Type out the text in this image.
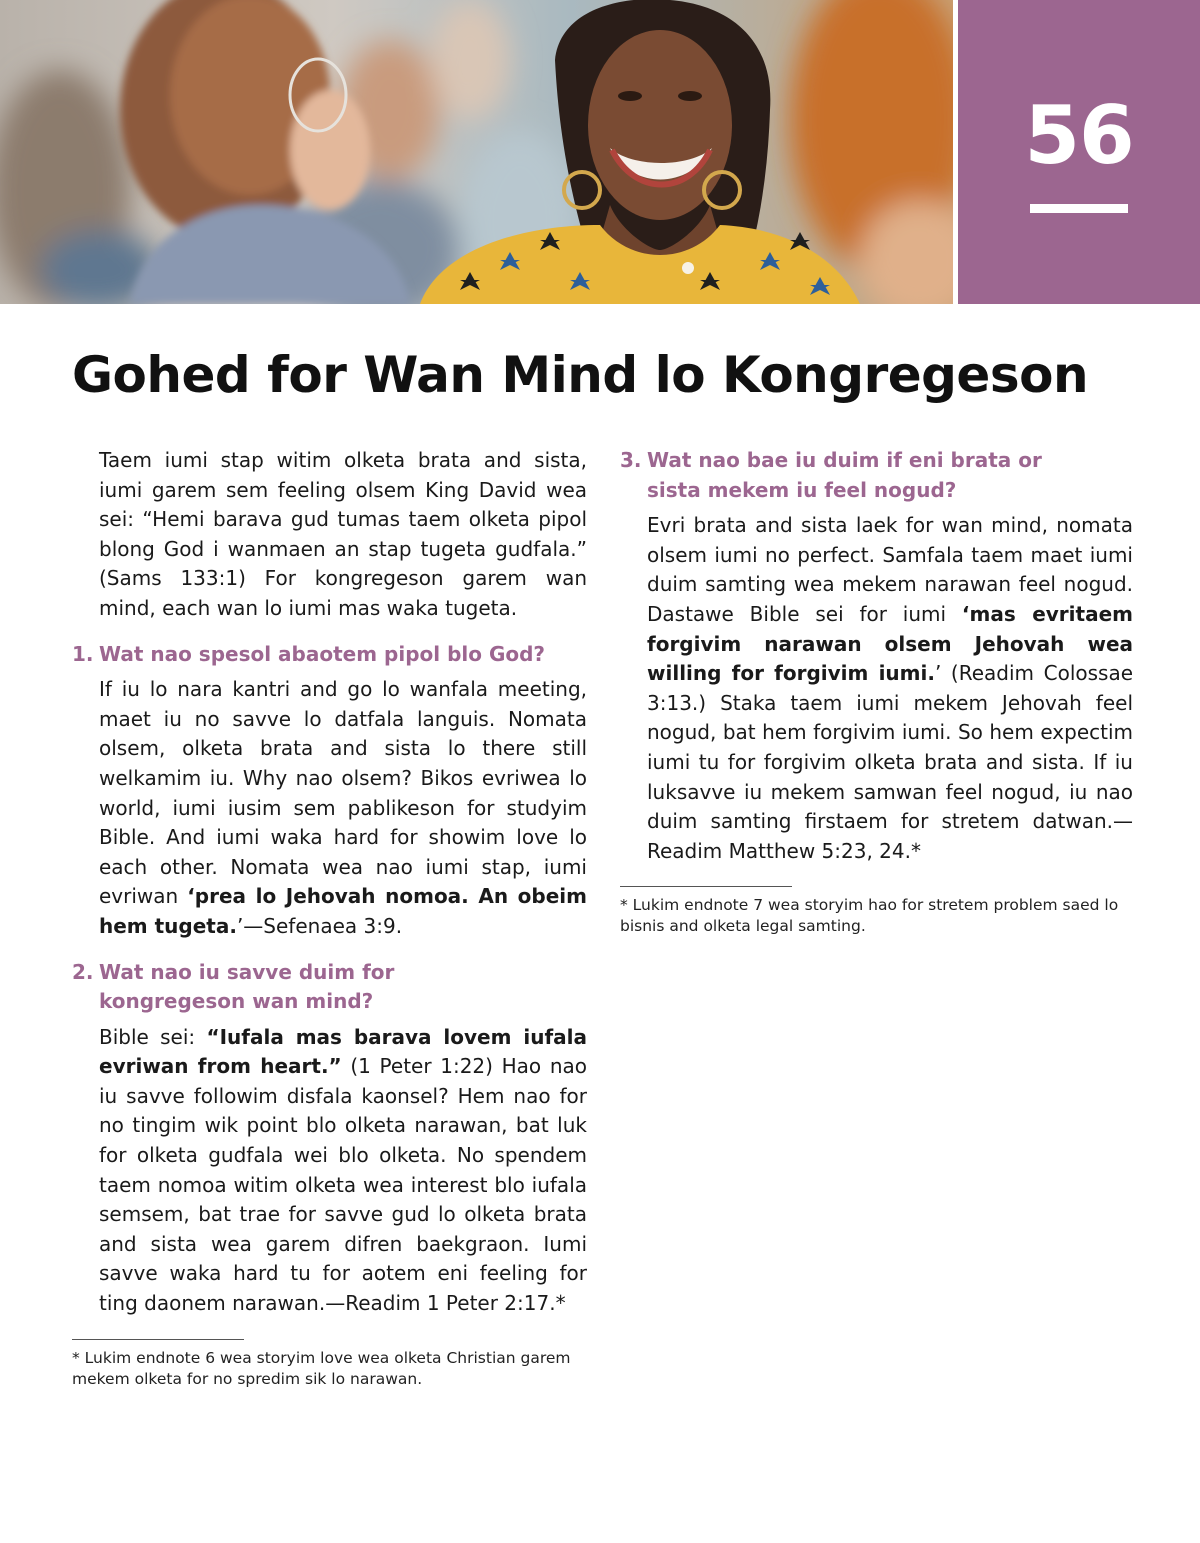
56
Gohed for Wan Mind lo Kongregeson

Taem iumi stap witim olketa brata and sista, iumi garem sem feeling olsem King David wea sei: “Hemi barava gud tumas taem olketa pipol blong God i wanmaen an stap tugeta gudfala.” (Sams 133:1) For kongregeson garem wan mind, each wan lo iumi mas waka tugeta.

1. Wat nao spesol abaotem pipol blo God?

If iu lo nara kantri and go lo wanfala meeting, maet iu no savve lo datfala languis. Nomata olsem, olketa brata and sista lo there still welkamim iu. Why nao olsem? Bikos evriwea lo world, iumi iusim sem pablikeson for studyim Bible. And iumi waka hard for showim love lo each other. Nomata wea nao iumi stap, iumi evriwan ‘prea lo Jehovah nomoa. An obeim hem tugeta.’—Sefenaea 3:9.

2. Wat nao iu savve duim for kongregeson wan mind?

Bible sei: “Iufala mas barava lovem iufala evriwan from heart.” (1 Peter 1:22) Hao nao iu savve followim disfala kaonsel? Hem nao for no tingim wik point blo olketa narawan, bat luk for olketa gudfala wei blo olketa. No spendem taem nomoa witim olketa wea interest blo iufala semsem, bat trae for savve gud lo olketa brata and sista wea garem difren baekgraon. Iumi savve waka hard tu for aotem eni feeling for ting daonem narawan.—Readim 1 Peter 2:17.*

* Lukim endnote 6 wea storyim love wea olketa Christian garem mekem olketa for no spredim sik lo narawan.

3. Wat nao bae iu duim if eni brata or sista mekem iu feel nogud?

Evri brata and sista laek for wan mind, nomata olsem iumi no perfect. Samfala taem maet iumi duim samting wea mekem narawan feel nogud. Dastawe Bible sei for iumi ‘mas evritaem forgivim narawan olsem Jehovah wea willing for forgivim iumi.’ (Readim Colossae 3:13.) Staka taem iumi mekem Jehovah feel nogud, bat hem forgivim iumi. So hem expectim iumi tu for forgivim olketa brata and sista. If iu luksavve iu mekem samwan feel nogud, iu nao duim samting firstaem for stretem datwan.—Readim Matthew 5:23, 24.*

* Lukim endnote 7 wea storyim hao for stretem problem saed lo bisnis and olketa legal samting.
